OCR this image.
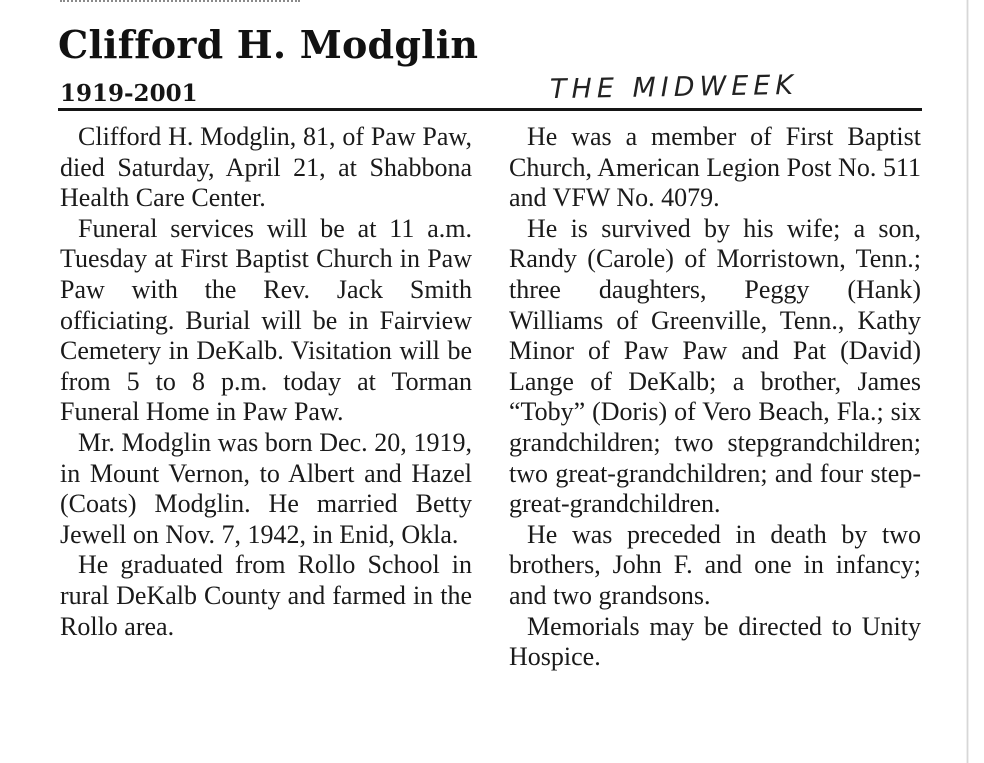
Clifford H. Modglin
1919-2001	THE MIDWEEK

Clifford H. Modglin, 81, of Paw Paw, died Saturday, April 21, at Shabbona Health Care Center.

Funeral services will be at 11 a.m. Tuesday at First Baptist Church in Paw Paw with the Rev. Jack Smith officiating. Burial will be in Fairview Cemetery in DeKalb. Visitation will be from 5 to 8 p.m. today at Torman Funeral Home in Paw Paw.

Mr. Modglin was born Dec. 20, 1919, in Mount Vernon, to Albert and Hazel (Coats) Modglin. He married Betty Jewell on Nov. 7, 1942, in Enid, Okla.

He graduated from Rollo School in rural DeKalb County and farmed in the Rollo area.

He was a member of First Baptist Church, American Legion Post No. 511 and VFW No. 4079.

He is survived by his wife; a son, Randy (Carole) of Morristown, Tenn.; three daughters, Peggy (Hank) Williams of Greenville, Tenn., Kathy Minor of Paw Paw and Pat (David) Lange of DeKalb; a brother, James “Toby” (Doris) of Vero Beach, Fla.; six grandchildren; two stepgrandchildren; two great-grandchildren; and four stepgreat-grandchildren.

He was preceded in death by two brothers, John F. and one in infancy; and two grandsons.

Memorials may be directed to Unity Hospice.
